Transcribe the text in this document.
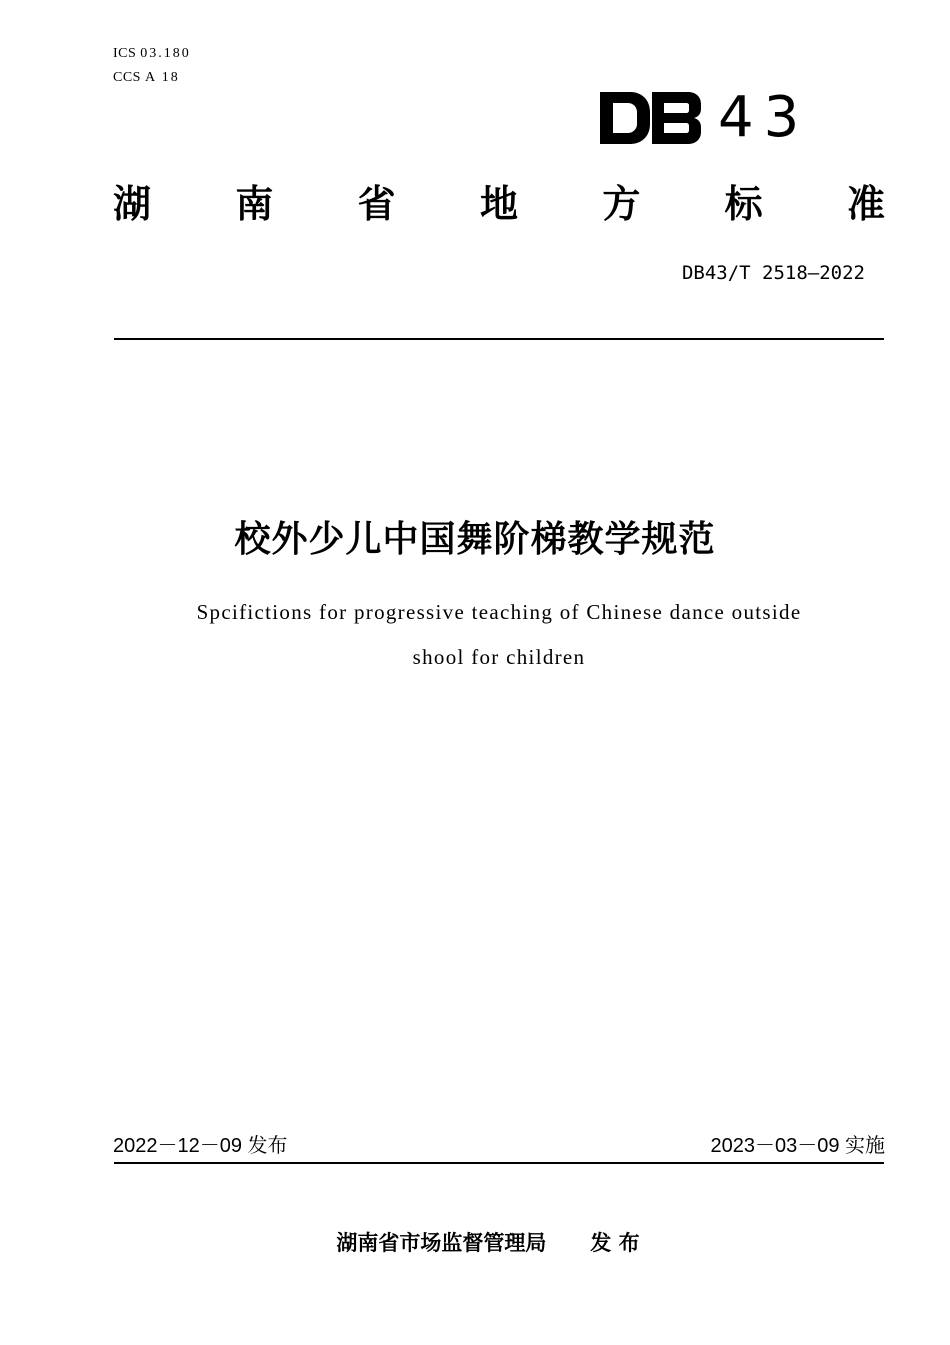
ICS 03.180
CCS A 18
43
湖 南 省 地 方 标 准
DB43/T 2518—2022
校外少儿中国舞阶梯教学规范
Spcifictions for progressive teaching of Chinese dance outside
shool for children
2022－12－09 发布	2023－03－09 实施
湖南省市场监督管理局      发 布
